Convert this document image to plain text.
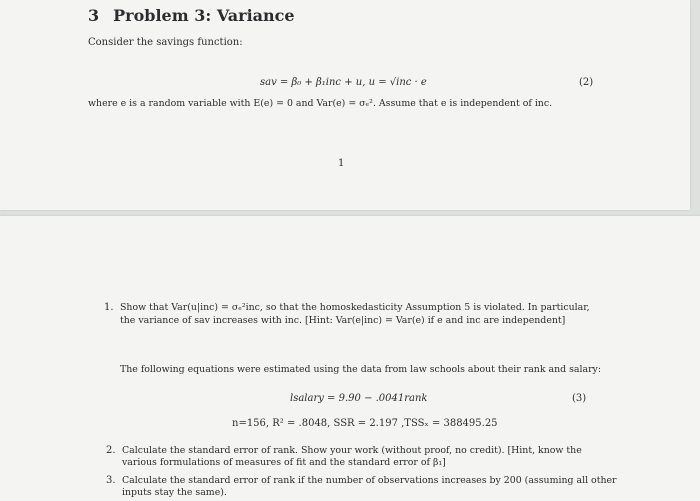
3 Problem 3: Variance
Consider the savings function:
sav = β₀ + β₁inc + u, u = √inc · e	(2)
where e is a random variable with E(e) = 0 and Var(e) = σₑ². Assume that e is independent of inc.
1
1. Show that Var(u|inc) = σₑ²inc, so that the homoskedasticity Assumption 5 is violated. In particular,
the variance of sav increases with inc. [Hint: Var(e|inc) = Var(e) if e and inc are independent]
The following equations were estimated using the data from law schools about their rank and salary:
lsalary = 9.90 − .0041rank	(3)
n=156, R² = .8048, SSR = 2.197 ,TSSₓ = 388495.25
2. Calculate the standard error of rank. Show your work (without proof, no credit). [Hint, know the
various formulations of measures of fit and the standard error of β₁]
3. Calculate the standard error of rank if the number of observations increases by 200 (assuming all other
inputs stay the same).
